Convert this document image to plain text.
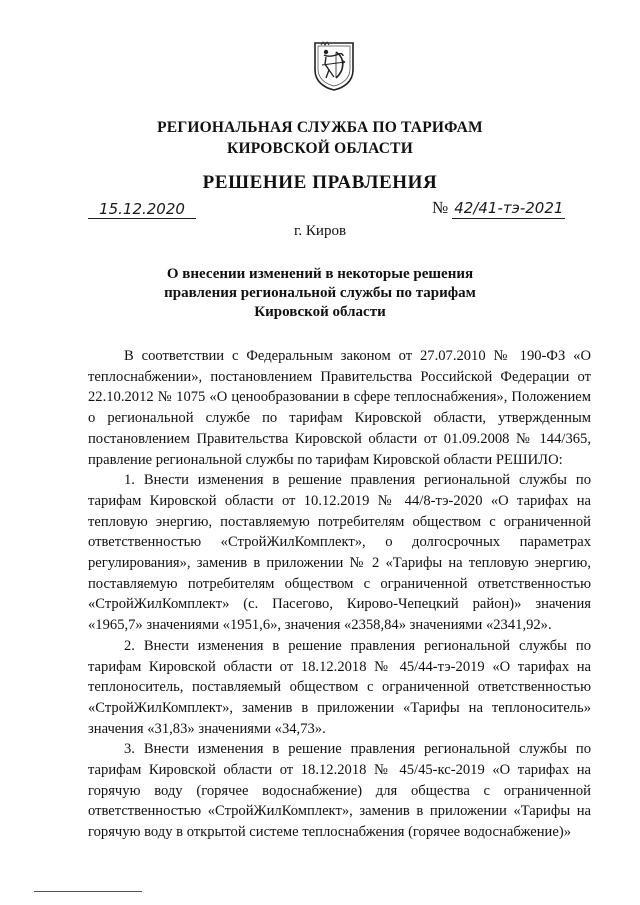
РЕГИОНАЛЬНАЯ СЛУЖБА ПО ТАРИФАМ
КИРОВСКОЙ ОБЛАСТИ
РЕШЕНИЕ ПРАВЛЕНИЯ
15.12.2020	№ 42/41-тэ-2021
г. Киров
О внесении изменений в некоторые решения
правления региональной службы по тарифам
Кировской области

В соответствии с Федеральным законом от 27.07.2010 № 190-ФЗ «О теплоснабжении», постановлением Правительства Российской Федерации от 22.10.2012 № 1075 «О ценообразовании в сфере теплоснабжения», Положением о региональной службе по тарифам Кировской области, утвержденным постановлением Правительства Кировской области от 01.09.2008 № 144/365, правление региональной службы по тарифам Кировской области РЕШИЛО:

1. Внести изменения в решение правления региональной службы по тарифам Кировской области от 10.12.2019 № 44/8-тэ-2020 «О тарифах на тепловую энергию, поставляемую потребителям обществом с ограниченной ответственностью «СтройЖилКомплект», о долгосрочных параметрах регулирования», заменив в приложении № 2 «Тарифы на тепловую энергию, поставляемую потребителям обществом с ограниченной ответственностью «СтройЖилКомплект» (с. Пасегово, Кирово-Чепецкий район)» значения «1965,7» значениями «1951,6», значения «2358,84» значениями «2341,92».

2. Внести изменения в решение правления региональной службы по тарифам Кировской области от 18.12.2018 № 45/44-тэ-2019 «О тарифах на теплоноситель, поставляемый обществом с ограниченной ответственностью «СтройЖилКомплект», заменив в приложении «Тарифы на теплоноситель» значения «31,83» значениями «34,73».

3. Внести изменения в решение правления региональной службы по тарифам Кировской области от 18.12.2018 № 45/45-кс-2019 «О тарифах на горячую воду (горячее водоснабжение) для общества с ограниченной ответственностью «СтройЖилКомплект», заменив в приложении «Тарифы на горячую воду в открытой системе теплоснабжения (горячее водоснабжение)»
